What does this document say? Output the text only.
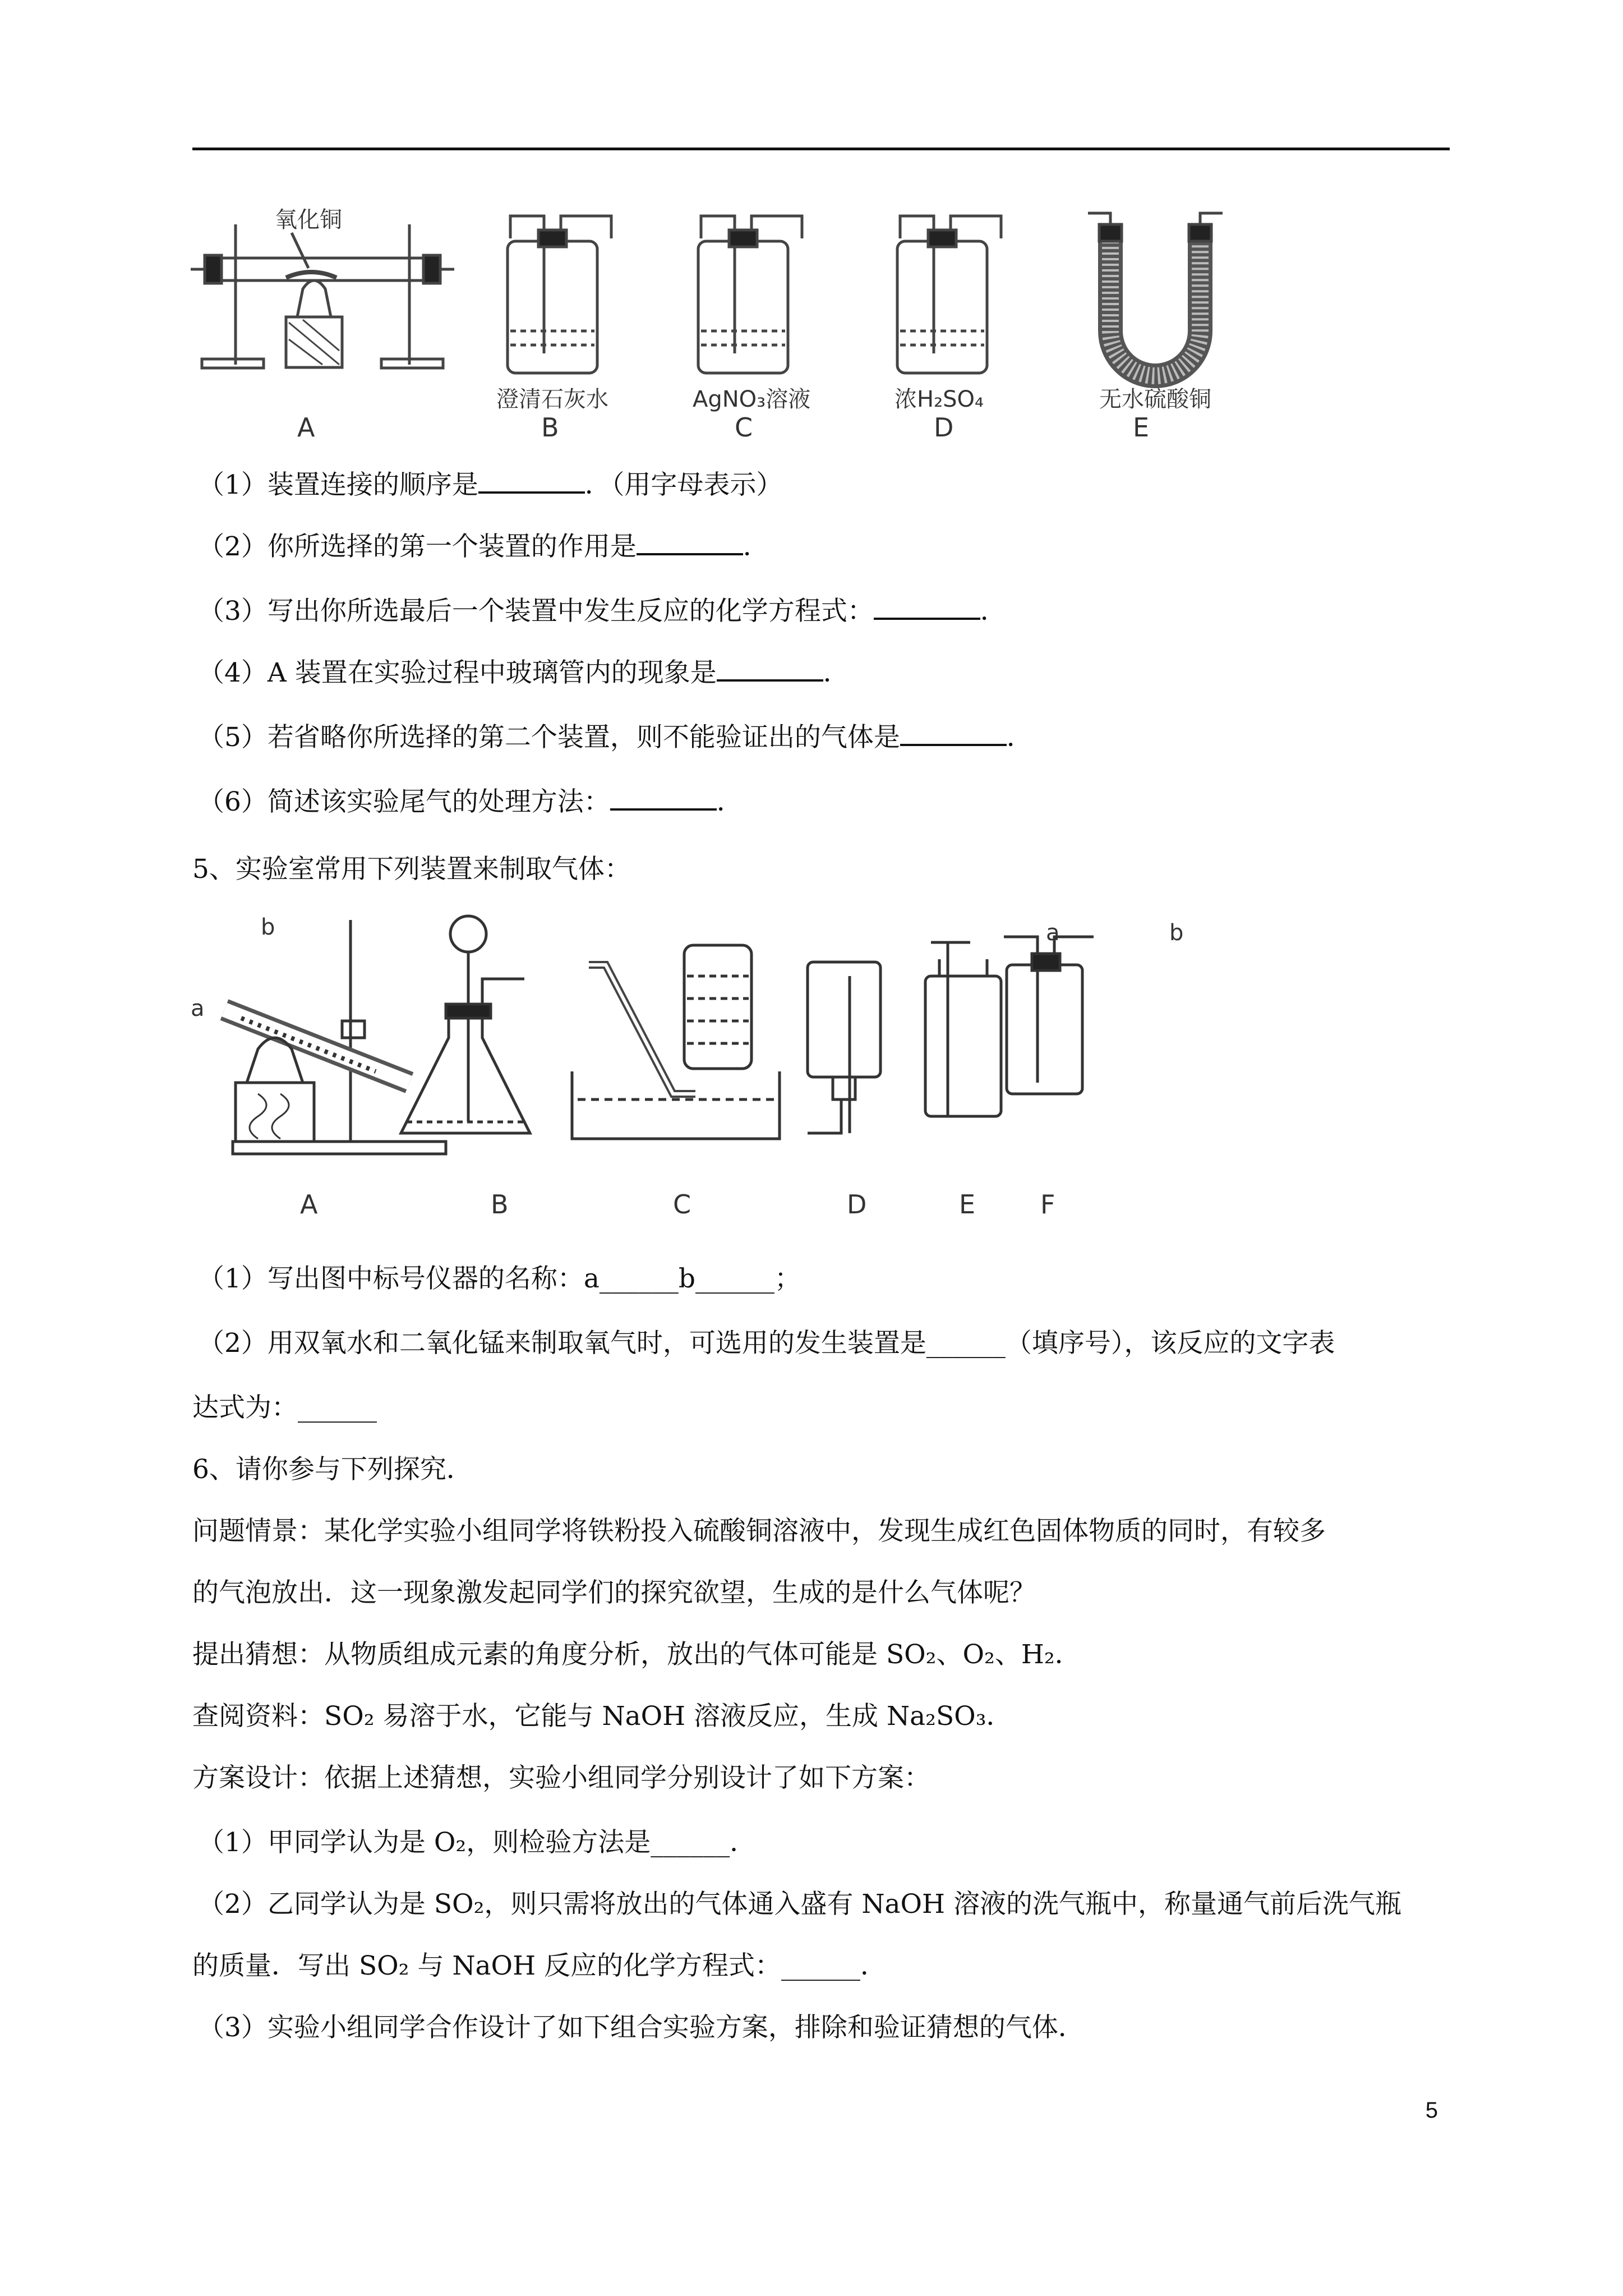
氧化铜
澄清石灰水	AgNO₃溶液	浓H₂SO₄	无水硫酸铜
A	B	C	D	E
（1）装置连接的顺序是	．（用字母表示）
（2）你所选择的第一个装置的作用是	．
（3）写出你所选最后一个装置中发生反应的化学方程式：	．
（4）A 装置在实验过程中玻璃管内的现象是	．
（5）若省略你所选择的第二个装置，则不能验证出的气体是	．
（6）简述该实验尾气的处理方法：	．
5、实验室常用下列装置来制取气体：
a
b	a	b
A	B	C	D	E	F
（1）写出图中标号仪器的名称：a______b______；
（2）用双氧水和二氧化锰来制取氧气时，可选用的发生装置是______（填序号），该反应的文字表
达式为：______
6、请你参与下列探究．
问题情景：某化学实验小组同学将铁粉投入硫酸铜溶液中，发现生成红色固体物质的同时，有较多
的气泡放出．这一现象激发起同学们的探究欲望，生成的是什么气体呢？
提出猜想：从物质组成元素的角度分析，放出的气体可能是 SO₂、O₂、H₂．
查阅资料：SO₂ 易溶于水，它能与 NaOH 溶液反应，生成 Na₂SO₃．
方案设计：依据上述猜想，实验小组同学分别设计了如下方案：
（1）甲同学认为是 O₂，则检验方法是______．
（2）乙同学认为是 SO₂，则只需将放出的气体通入盛有 NaOH 溶液的洗气瓶中，称量通气前后洗气瓶
的质量．写出 SO₂ 与 NaOH 反应的化学方程式：______．
（3）实验小组同学合作设计了如下组合实验方案，排除和验证猜想的气体．
5
